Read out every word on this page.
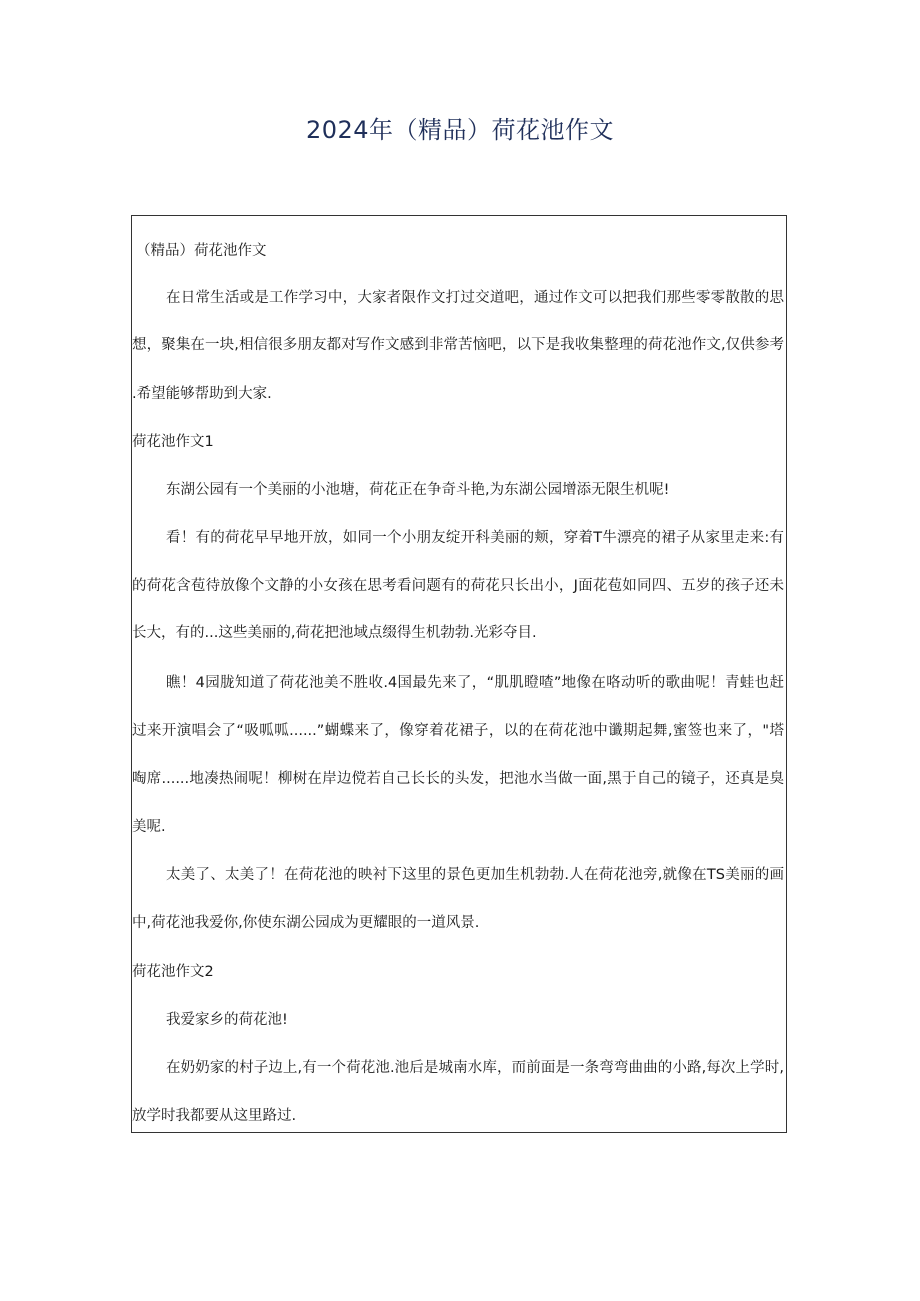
2024年（精品）荷花池作文
（精品）荷花池作文
在日常生活或是工作学习中，大家者限作文打过交道吧，通过作文可以把我们那些零零散散的思
想，聚集在一块,相信很多朋友都对写作文感到非常苦恼吧，以下是我收集整理的荷花池作文,仅供参考
.希望能够帮助到大家.
荷花池作文1
东湖公园有一个美丽的小池塘，荷花正在争奇斗艳,为东湖公园增添无限生机呢!
看！有的荷花早早地开放，如同一个小朋友绽开科美丽的颊，穿着T牛漂亮的裙子从家里走来:有
的荷花含苞待放像个文静的小女孩在思考看问题有的荷花只长出小，J面花苞如同四、五岁的孩子还未
长大，有的...这些美丽的,荷花把池域点缀得生机勃勃.光彩夺目.
瞧！4园胧知道了荷花池美不胜收.4国最先来了，“肌肌瞪喳”地像在咯动听的歌曲呢！青蛙也赶
过来开演唱会了“吸呱呱......”蝴蝶来了，像穿着花裙子，以的在荷花池中谶期起舞,蜜签也来了，"塔
啕席......地凑热闹呢！柳树在岸边傥若自己长长的头发，把池水当做一面,黑于自己的镜子，还真是臭
美呢.
太美了、太美了！在荷花池的映衬下这里的景色更加生机勃勃.人在荷花池旁,就像在TS美丽的画
中,荷花池我爱你,你使东湖公园成为更耀眼的一道风景.
荷花池作文2
我爱家乡的荷花池!
在奶奶家的村子边上,有一个荷花池.池后是城南水库，而前面是一条弯弯曲曲的小路,每次上学时,
放学时我都要从这里路过.
